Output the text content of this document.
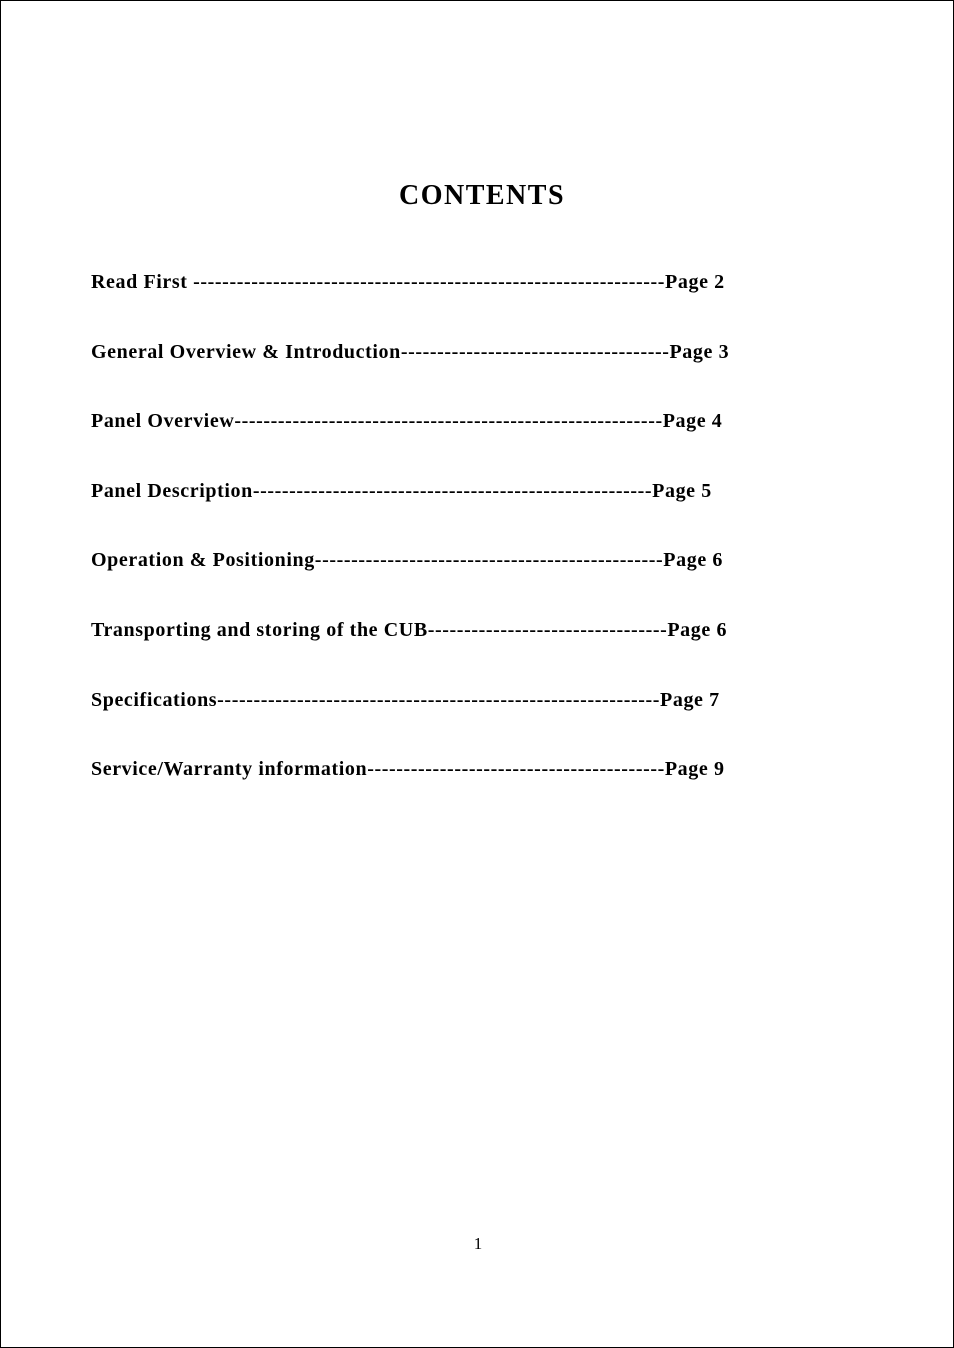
CONTENTS
Read First -----------------------------------------------------------------Page 2
General Overview & Introduction-------------------------------------Page 3
Panel Overview-----------------------------------------------------------Page 4
Panel Description-------------------------------------------------------Page 5
Operation & Positioning------------------------------------------------Page 6
Transporting and storing of the CUB---------------------------------Page 6
Specifications-------------------------------------------------------------Page 7
Service/Warranty information-----------------------------------------Page 9
1
